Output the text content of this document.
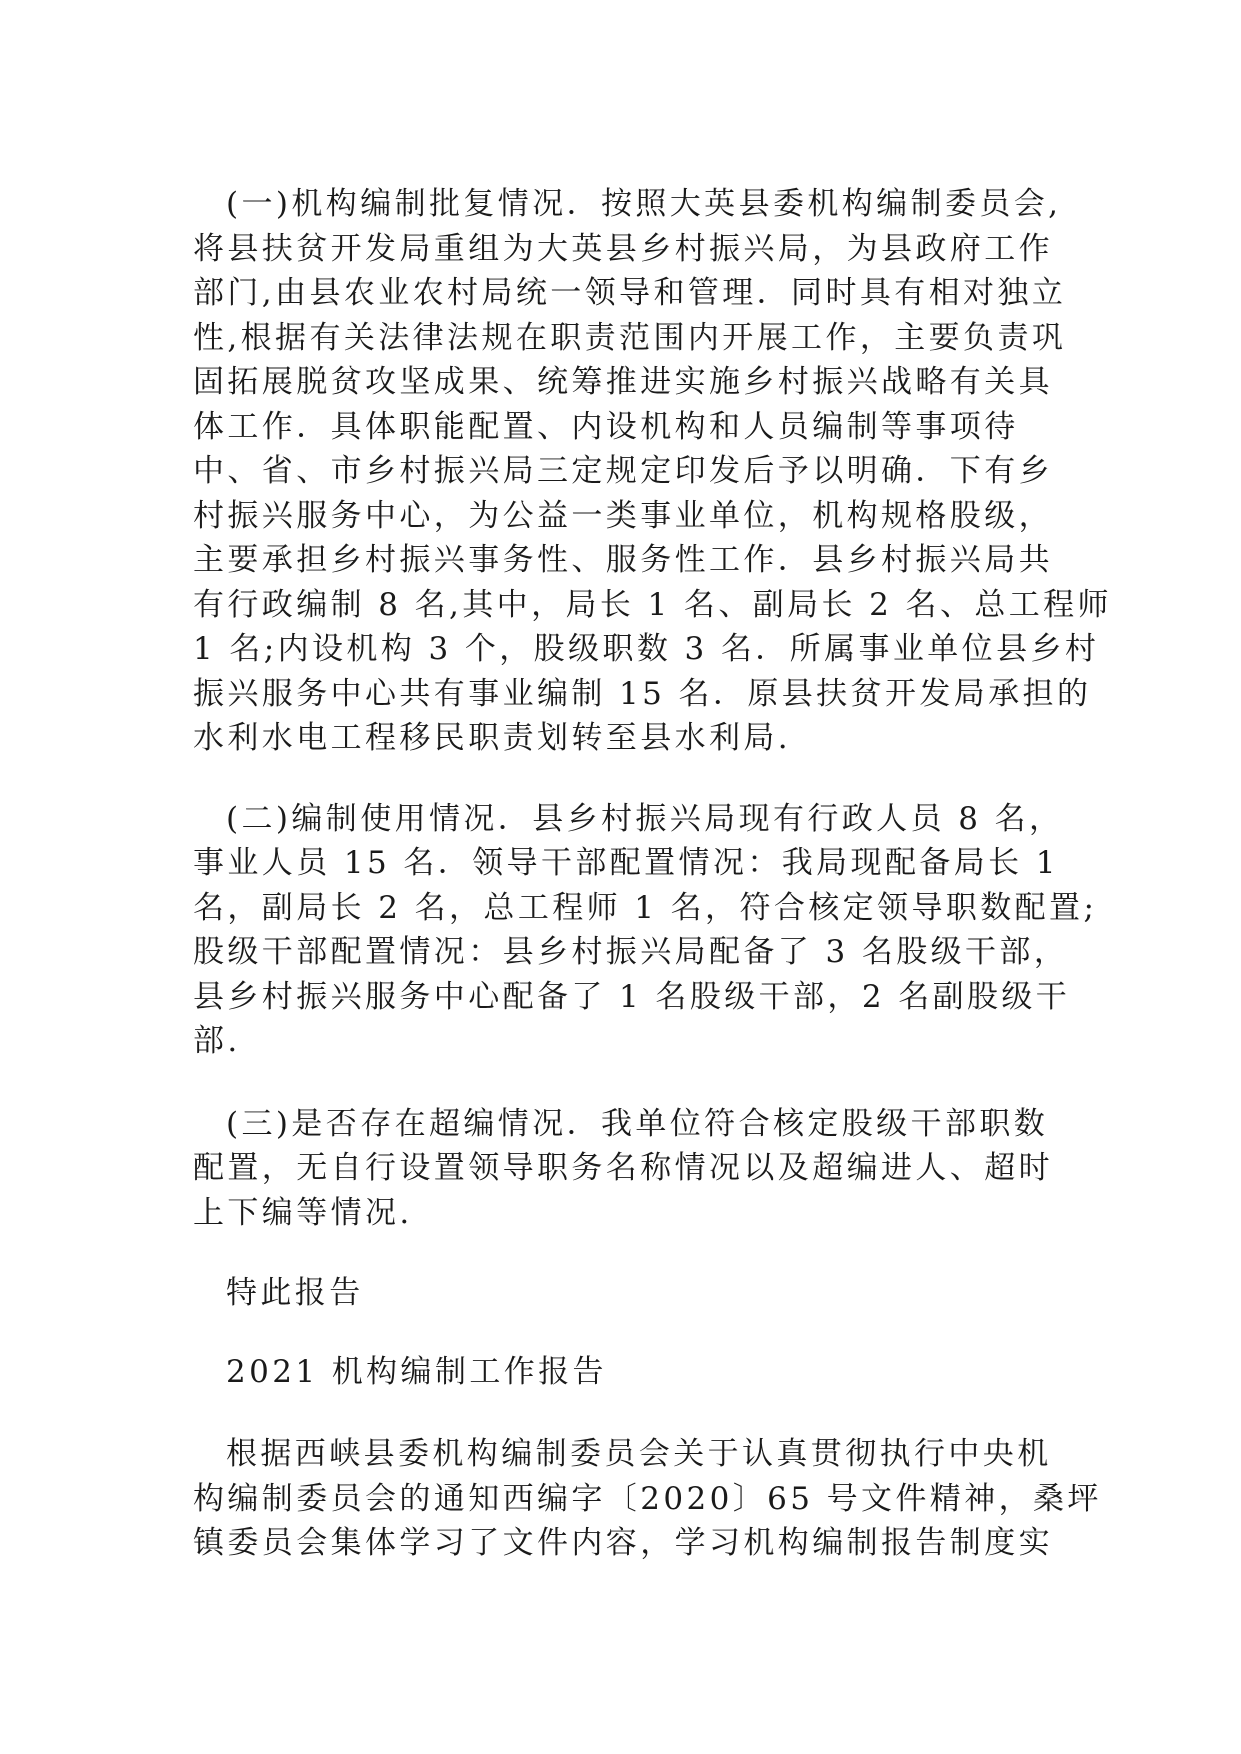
(一)机构编制批复情况．按照大英县委机构编制委员会,
将县扶贫开发局重组为大英县乡村振兴局，为县政府工作
部门,由县农业农村局统一领导和管理．同时具有相对独立
性,根据有关法律法规在职责范围内开展工作，主要负责巩
固拓展脱贫攻坚成果、统筹推进实施乡村振兴战略有关具
体工作．具体职能配置、内设机构和人员编制等事项待
中、省、市乡村振兴局三定规定印发后予以明确．下有乡
村振兴服务中心，为公益一类事业单位，机构规格股级，
主要承担乡村振兴事务性、服务性工作．县乡村振兴局共
有行政编制 8 名,其中，局长 1 名、副局长 2 名、总工程师
1 名;内设机构 3 个，股级职数 3 名．所属事业单位县乡村
振兴服务中心共有事业编制 15 名．原县扶贫开发局承担的
水利水电工程移民职责划转至县水利局.

(二)编制使用情况．县乡村振兴局现有行政人员 8 名，
事业人员 15 名．领导干部配置情况：我局现配备局长 1
名，副局长 2 名，总工程师 1 名，符合核定领导职数配置;
股级干部配置情况：县乡村振兴局配备了 3 名股级干部，
县乡村振兴服务中心配备了 1 名股级干部，2 名副股级干
部.

(三)是否存在超编情况．我单位符合核定股级干部职数
配置，无自行设置领导职务名称情况以及超编进人、超时
上下编等情况.

特此报告

2021 机构编制工作报告

根据西峡县委机构编制委员会关于认真贯彻执行中央机
构编制委员会的通知西编字〔2020〕65 号文件精神，桑坪
镇委员会集体学习了文件内容，学习机构编制报告制度实
